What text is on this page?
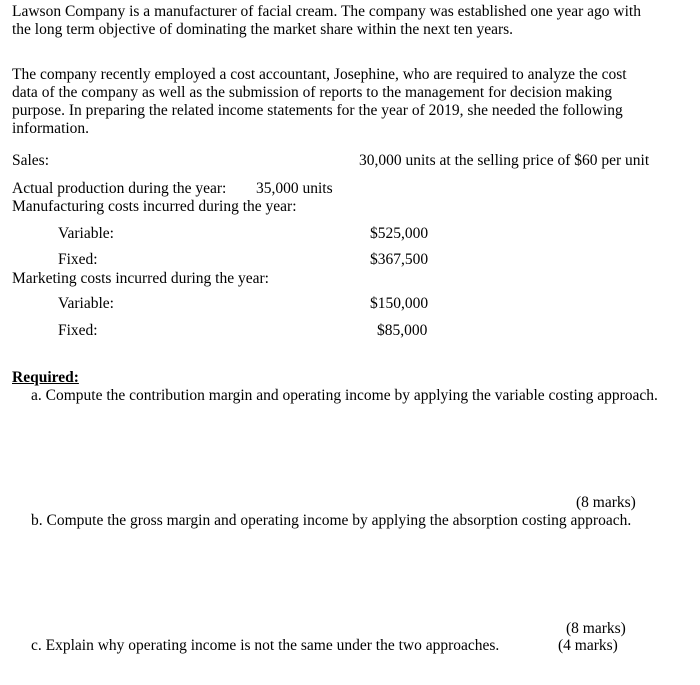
Lawson Company is a manufacturer of facial cream. The company was established one year ago with the long term objective of dominating the market share within the next ten years.
The company recently employed a cost accountant, Josephine, who are required to analyze the cost data of the company as well as the submission of reports to the management for decision making purpose. In preparing the related income statements for the year of 2019, she needed the following information.
Sales:	30,000 units at the selling price of $60 per unit
Actual production during the year: 35,000 units
Manufacturing costs incurred during the year:
Variable:	$525,000
Fixed:	$367,500
Marketing costs incurred during the year:
Variable:	$150,000
Fixed:	$85,000
Required:
a. Compute the contribution margin and operating income by applying the variable costing approach.
(8 marks)
b. Compute the gross margin and operating income by applying the absorption costing approach.
(8 marks)
c. Explain why operating income is not the same under the two approaches.	(4 marks)
